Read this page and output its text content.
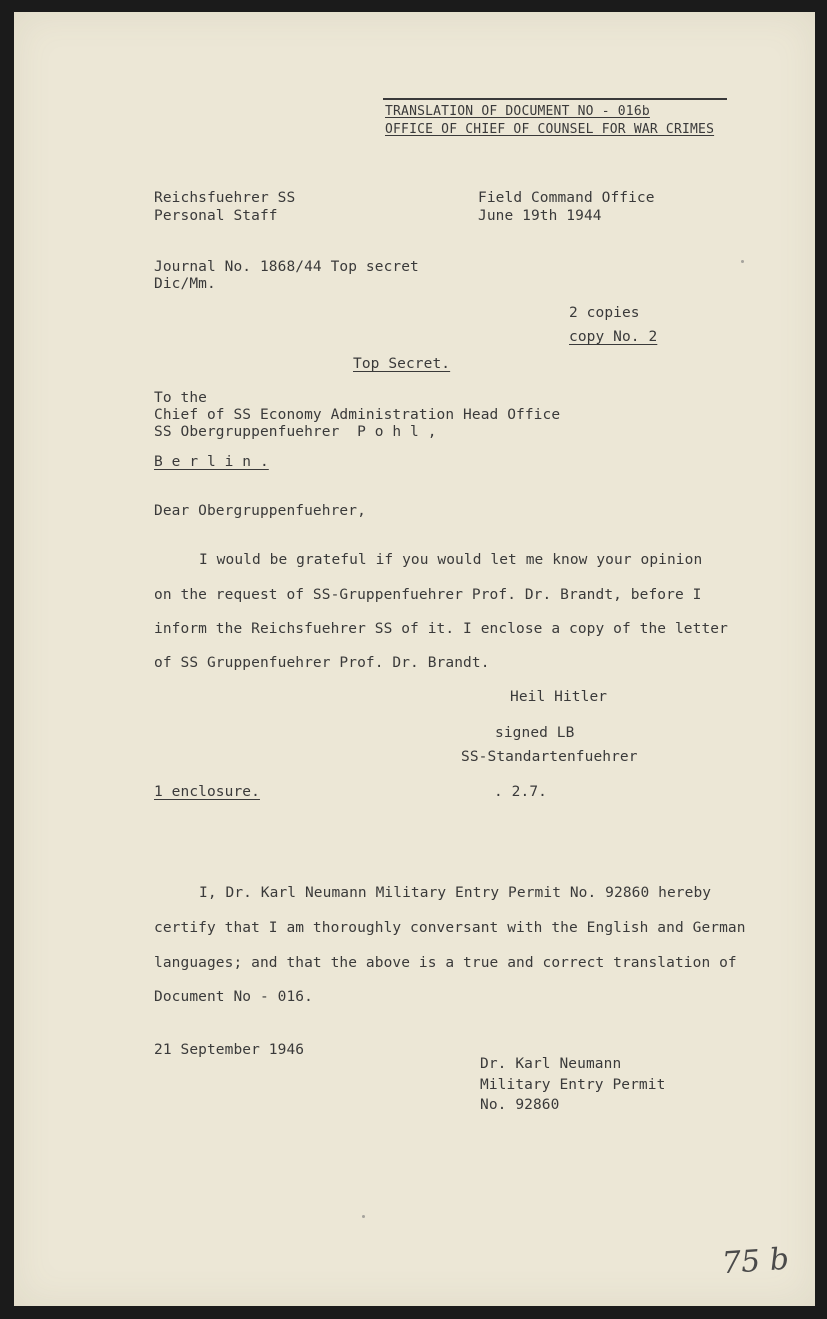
TRANSLATION OF DOCUMENT NO - 016b
OFFICE OF CHIEF OF COUNSEL FOR WAR CRIMES
Reichsfuehrer SS
Personal Staff
Field Command Office
June 19th 1944
Journal No. 1868/44 Top secret
Dic/Mm.
2 copies
copy No. 2
Top Secret.
To the
Chief of SS Economy Administration Head Office
SS Obergruppenfuehrer  P o h l ,
B e r l i n .
Dear Obergruppenfuehrer,
I would be grateful if you would let me know your opinion
on the request of SS-Gruppenfuehrer Prof. Dr. Brandt, before I
inform the Reichsfuehrer SS of it. I enclose a copy of the letter
of SS Gruppenfuehrer Prof. Dr. Brandt.
Heil Hitler
signed LB
SS-Standartenfuehrer
1 enclosure.	. 2.7.
I, Dr. Karl Neumann Military Entry Permit No. 92860 hereby
certify that I am thoroughly conversant with the English and German
languages; and that the above is a true and correct translation of
Document No - 016.
21 September 1946
Dr. Karl Neumann
Military Entry Permit
No. 92860
75 b
